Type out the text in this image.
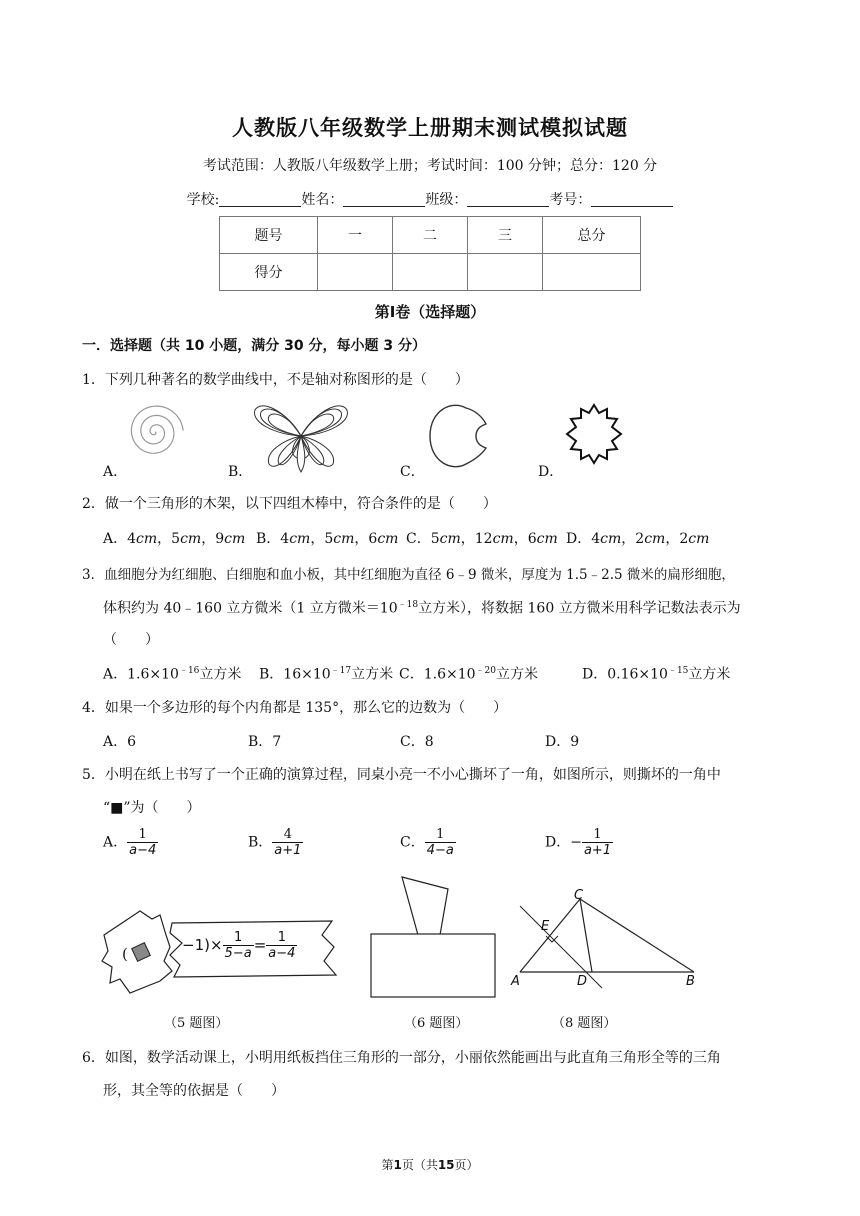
人教版八年级数学上册期末测试模拟试题
考试范围：人教版八年级数学上册；考试时间：100 分钟；总分：120 分
学校:	姓名：	班级：	考号：
题号	一	二	三	总分
得分				
第Ⅰ卷（选择题）
一．选择题（共 10 小题，满分 30 分，每小题 3 分）
1．下列几种著名的数学曲线中，不是轴对称图形的是（　　）
A．	B．	C．	D．
2．做一个三角形的木架，以下四组木棒中，符合条件的是（　　）
A．4cm，5cm，9cm B．4cm，5cm，6cm C．5cm，12cm，6cm D．4cm，2cm，2cm
3．血细胞分为红细胞、白细胞和血小板，其中红细胞为直径 6﹣9 微米，厚度为 1.5﹣2.5 微米的扁形细胞，
体积约为 40﹣160 立方微米（1 立方微米$=10^{﹣18}$立方米），将数据 160 立方微米用科学记数法表示为
（　　）
A．$1.6\times 10^{﹣16}$立方米 B．$16\times 10^{﹣17}$立方米 C．$1.6\times 10^{﹣20}$立方米	D．$0.16\times 10^{﹣15}$立方米
4．如果一个多边形的每个内角都是 135°，那么它的边数为（　　）
A．6	B．7	C．8	D．9
5．小明在纸上书写了一个正确的演算过程，同桌小亮一不小心撕坏了一角，如图所示，则撕坏的一角中
“■”为（　　）
A． $\frac{1}{a-4}$	B． $\frac{4}{a+1}$	C． $\frac{1}{4-a}$	D．− $\frac{1}{a+1}$
(	$-1)\times \frac{1}{5-a} = \frac{1}{a-4}$
A	B
C
D
E
（5 题图）	（6 题图）	（8 题图）
6．如图，数学活动课上，小明用纸板挡住三角形的一部分，小丽依然能画出与此直角三角形全等的三角
形，其全等的依据是（　　）
第1页（共15页）
